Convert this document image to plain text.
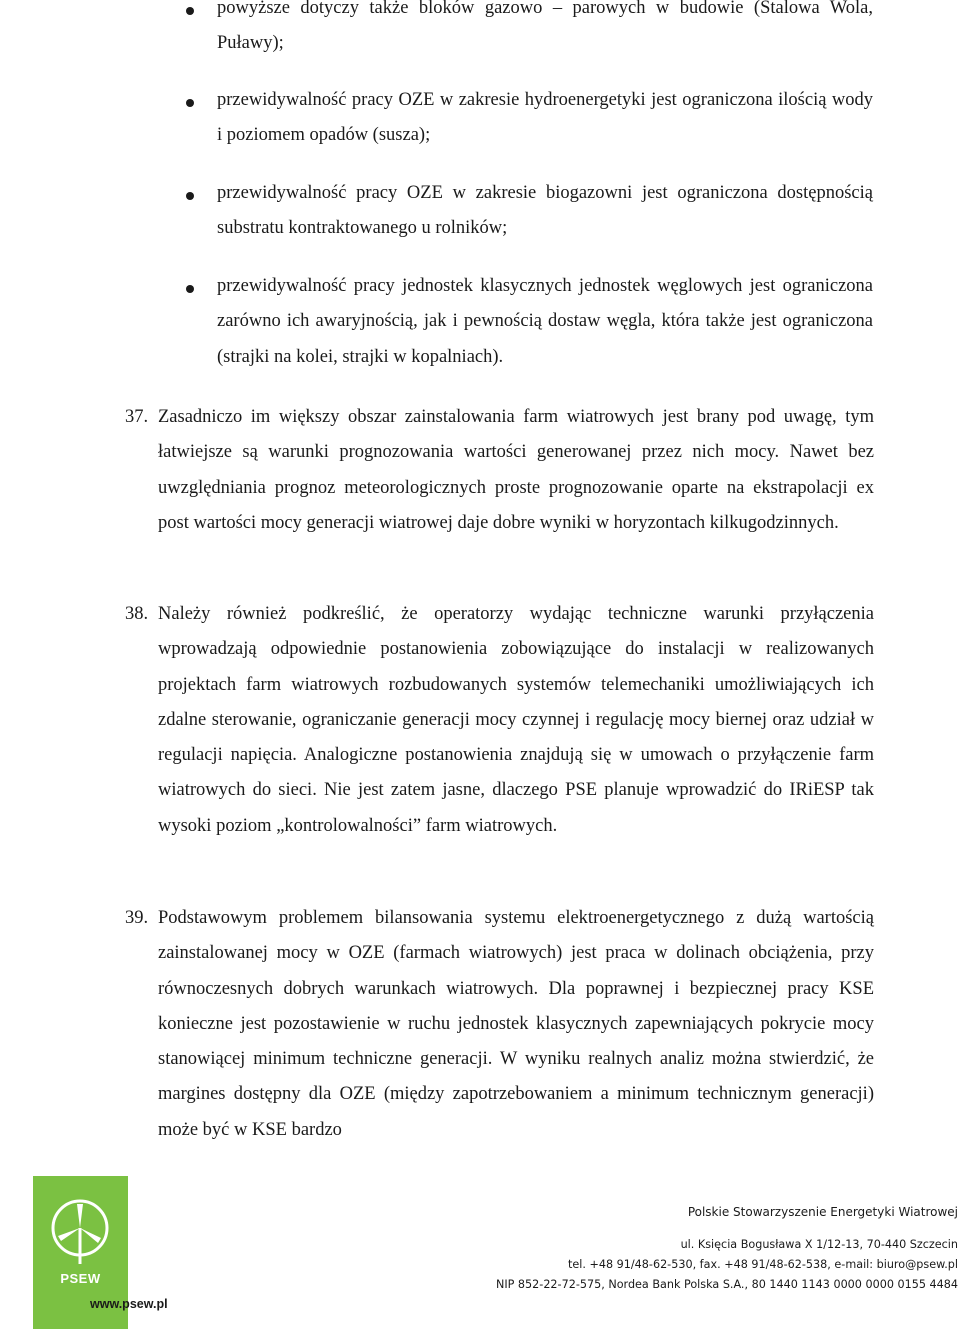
powyższe dotyczy także bloków gazowo – parowych w budowie (Stalowa Wola, Puławy);
przewidywalność pracy OZE w zakresie hydroenergetyki jest ograniczona ilością wody i poziomem opadów (susza);
przewidywalność pracy OZE w zakresie biogazowni jest ograniczona dostępnością substratu kontraktowanego u rolników;
przewidywalność pracy jednostek klasycznych jednostek węglowych jest ograniczona zarówno ich awaryjnością, jak i pewnością dostaw węgla, która także jest ograniczona (strajki na kolei, strajki w kopalniach).
37. Zasadniczo im większy obszar zainstalowania farm wiatrowych jest brany pod uwagę, tym łatwiejsze są warunki prognozowania wartości generowanej przez nich mocy. Nawet bez uwzględniania prognoz meteorologicznych proste prognozowanie oparte na ekstrapolacji ex post wartości mocy generacji wiatrowej daje dobre wyniki w horyzontach kilkugodzinnych.
38. Należy również podkreślić, że operatorzy wydając techniczne warunki przyłączenia wprowadzają odpowiednie postanowienia zobowiązujące do instalacji w realizowanych projektach farm wiatrowych rozbudowanych systemów telemechaniki umożliwiających ich zdalne sterowanie, ograniczanie generacji mocy czynnej i regulację mocy biernej oraz udział w regulacji napięcia. Analogiczne postanowienia znajdują się w umowach o przyłączenie farm wiatrowych do sieci. Nie jest zatem jasne, dlaczego PSE planuje wprowadzić do IRiESP tak wysoki poziom „kontrolowalności” farm wiatrowych.
39. Podstawowym problemem bilansowania systemu elektroenergetycznego z dużą wartością zainstalowanej mocy w OZE (farmach wiatrowych) jest praca w dolinach obciążenia, przy równoczesnych dobrych warunkach wiatrowych. Dla poprawnej i bezpiecznej pracy KSE konieczne jest pozostawienie w ruchu jednostek klasycznych zapewniających pokrycie mocy stanowiącej minimum techniczne generacji. W wyniku realnych analiz można stwierdzić, że margines dostępny dla OZE (między zapotrzebowaniem a minimum technicznym generacji) może być w KSE bardzo
PSEW
www.psew.pl
Polskie Stowarzyszenie Energetyki Wiatrowej
ul. Księcia Bogusława X 1/12-13, 70-440 Szczecin
tel. +48 91/48-62-530, fax. +48 91/48-62-538, e-mail: biuro@psew.pl
NIP 852-22-72-575, Nordea Bank Polska S.A., 80 1440 1143 0000 0000 0155 4484
